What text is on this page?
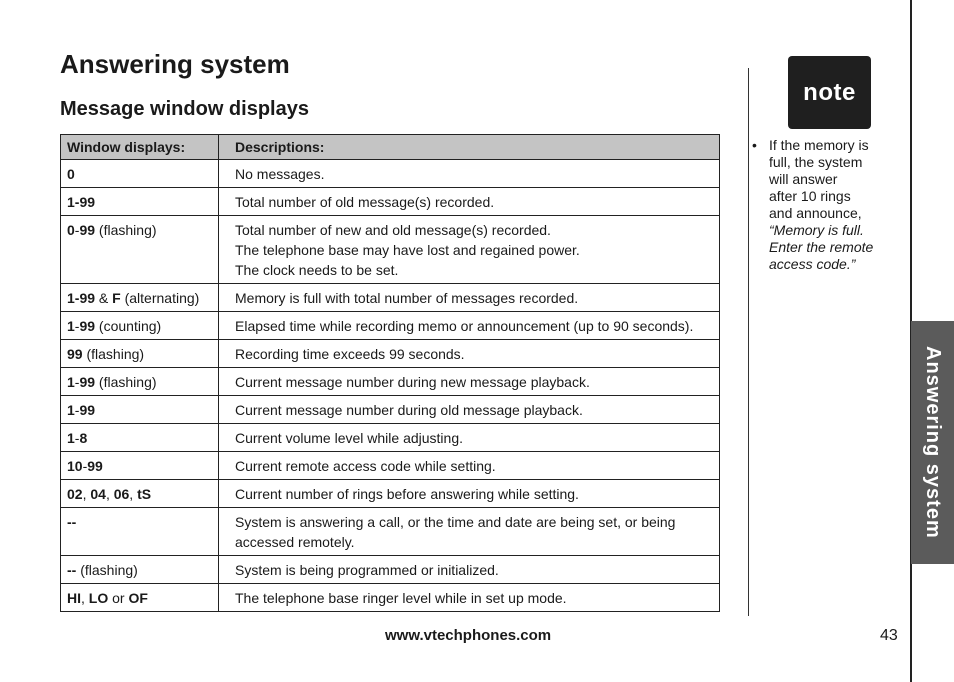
Answering system
Answering system
Message window displays
Window displays:	Descriptions:
0	No messages.

1-99	Total number of old message(s) recorded.

0-99 (flashing)	Total number of new and old message(s) recorded.
The telephone base may have lost and regained power.
The clock needs to be set.

1-99 & F (alternating)	Memory is full with total number of messages recorded.

1-99 (counting)	Elapsed time while recording memo or announcement (up to 90 seconds).

99 (flashing)	Recording time exceeds 99 seconds.

1-99 (flashing)	Current message number during new message playback.

1-99	Current message number during old message playback.

1-8	Current volume level while adjusting.

10-99	Current remote access code while setting.

02, 04, 06, tS	Current number of rings before answering while setting.

--	System is answering a call, or the time and date are being set, or being accessed remotely.

-- (flashing)	System is being programmed or initialized.

HI, LO or OF	The telephone base ringer level while in set up mode.
note
• If the memory is
full, the system
will answer
after 10 rings
and announce,
“Memory is full.
Enter the remote
access code.”
www.vtechphones.com	43
